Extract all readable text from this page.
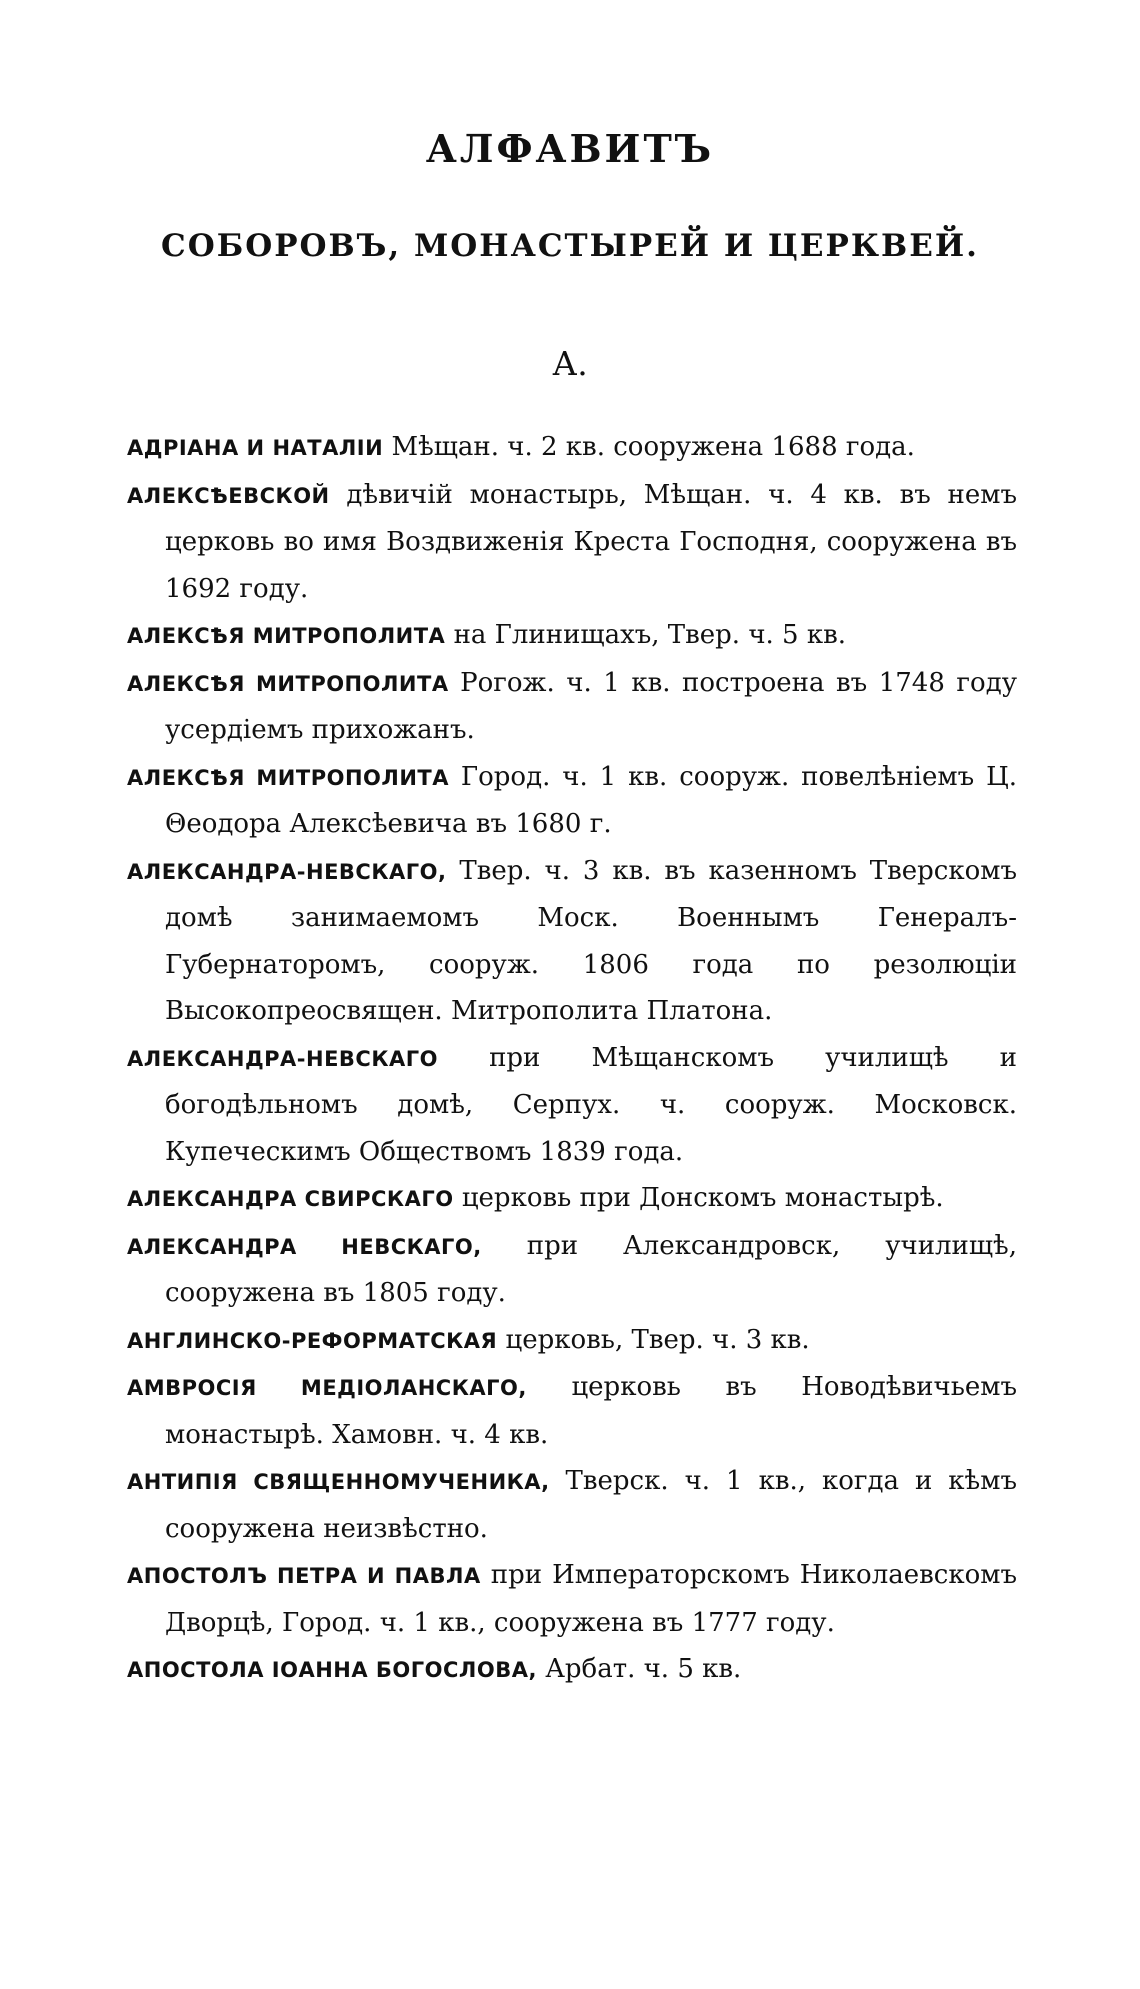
АЛФАВИТЪ
СОБОРОВЪ, МОНАСТЫРЕЙ И ЦЕРКВЕЙ.
А.

АДРІАНА И НАТАЛІИ Мѣщан. ч. 2 кв. сооружена 1688 года.

АЛЕКСѢЕВСКОЙ дѣвичій монастырь, Мѣщан. ч. 4 кв. въ немъ церковь во имя Воздвиженія Креста Господня, сооружена въ 1692 году.

АЛЕКСѢЯ МИТРОПОЛИТА на Глинищахъ, Твер. ч. 5 кв.

АЛЕКСѢЯ МИТРОПОЛИТА Рогож. ч. 1 кв. построена въ 1748 году усердіемъ прихожанъ.

АЛЕКСѢЯ МИТРОПОЛИТА Город. ч. 1 кв. сооруж. повелѣніемъ Ц. Θеодора Алексѣевича въ 1680 г.

АЛЕКСАНДРА-НЕВСКАГО, Твер. ч. 3 кв. въ казенномъ Тверскомъ домѣ занимаемомъ Моск. Военнымъ Генералъ-Губернаторомъ, сооруж. 1806 года по резолюціи Высокопреосвящен. Митрополита Платона.

АЛЕКСАНДРА-НЕВСКАГО при Мѣщанскомъ училищѣ и богодѣльномъ домѣ, Серпух. ч. сооруж. Московск. Купеческимъ Обществомъ 1839 года.

АЛЕКСАНДРА СВИРСКАГО церковь при Донскомъ монастырѣ.

АЛЕКСАНДРА НЕВСКАГО, при Александровск, училищѣ, сооружена въ 1805 году.

АНГЛИНСКО-РЕФОРМАТСКАЯ церковь, Твер. ч. 3 кв.

АМВРОСІЯ МЕДІОЛАНСКАГО, церковь въ Новодѣвичьемъ монастырѣ. Хамовн. ч. 4 кв.

АНТИПІЯ СВЯЩЕННОМУЧЕНИКА, Тверск. ч. 1 кв., когда и кѣмъ сооружена неизвѣстно.

АПОСТОЛЪ ПЕТРА И ПАВЛА при Императорскомъ Николаевскомъ Дворцѣ, Город. ч. 1 кв., сооружена въ 1777 году.

АПОСТОЛА ІОАННА БОГОСЛОВА, Арбат. ч. 5 кв.
